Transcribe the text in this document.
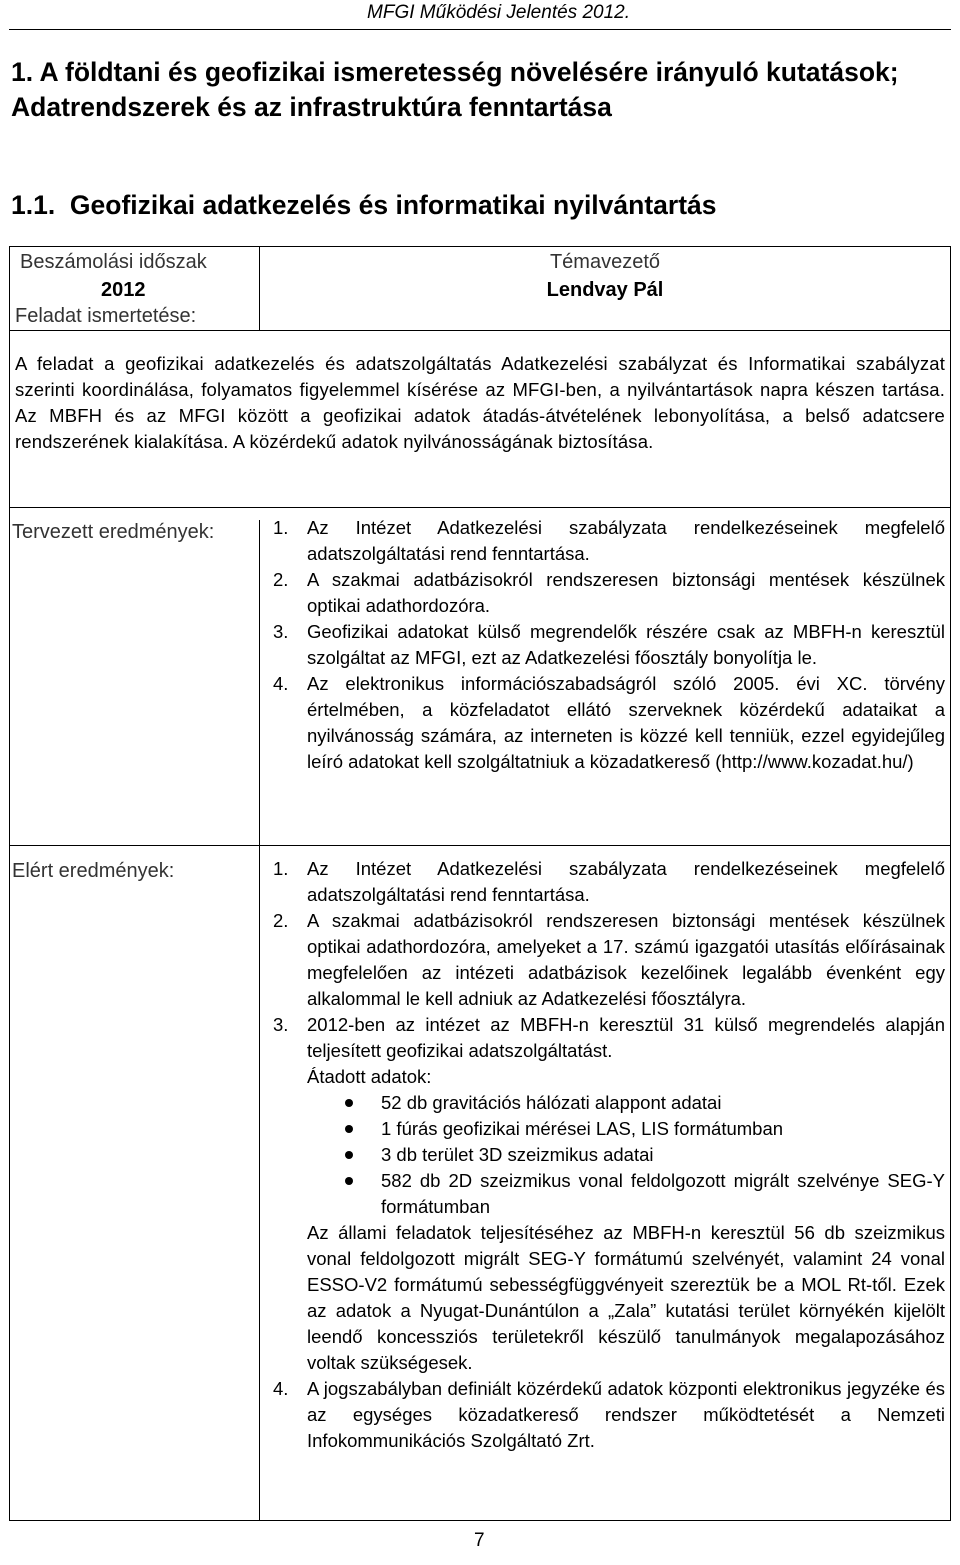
MFGI Működési Jelentés 2012.
1. A földtani és geofizikai ismeretesség növelésére irányuló kutatások; Adatrendszerek és az infrastruktúra fenntartása
1.1.  Geofizikai adatkezelés és informatikai nyilvántartás
Beszámolási időszak
2012
Feladat ismertetése:
Témavezető
Lendvay Pál
A feladat a geofizikai adatkezelés és adatszolgáltatás Adatkezelési szabályzat és Informatikai szabályzat szerinti koordinálása, folyamatos figyelemmel kísérése az MFGI-ben, a nyilvántartások napra készen tartása. Az MBFH és az MFGI között a geofizikai adatok átadás-átvételének lebonyolítása, a belső adatcsere rendszerének kialakítása. A közérdekű adatok nyilvánosságának biztosítása.
Tervezett eredmények:	1. Az Intézet Adatkezelési szabályzata rendelkezéseinek megfelelő adatszolgáltatási rend fenntartása.
2. A szakmai adatbázisokról rendszeresen biztonsági mentések készülnek optikai adathordozóra.
3. Geofizikai adatokat külső megrendelők részére csak az MBFH-n keresztül szolgáltat az MFGI, ezt az Adatkezelési főosztály bonyolítja le.
4. Az elektronikus információszabadságról szóló 2005. évi XC. törvény értelmében, a közfeladatot ellátó szerveknek közérdekű adataikat a nyilvánosság számára, az interneten is közzé kell tenniük, ezzel egyidejűleg leíró adatokat kell szolgáltatniuk a közadatkereső (http://www.kozadat.hu/)
Elért eredmények:	1. Az Intézet Adatkezelési szabályzata rendelkezéseinek megfelelő adatszolgáltatási rend fenntartása.
2. A szakmai adatbázisokról rendszeresen biztonsági mentések készülnek optikai adathordozóra, amelyeket a 17. számú igazgatói utasítás előírásainak megfelelően az intézeti adatbázisok kezelőinek legalább évenként egy alkalommal le kell adniuk az Adatkezelési főosztályra.
3. 2012-ben az intézet az MBFH-n keresztül 31 külső megrendelés alapján teljesített geofizikai adatszolgáltatást.
Átadott adatok:
52 db gravitációs hálózati alappont adatai
1 fúrás geofizikai mérései LAS, LIS formátumban
3 db terület 3D szeizmikus adatai
582 db 2D szeizmikus vonal feldolgozott migrált szelvénye SEG-Y formátumban
Az állami feladatok teljesítéséhez az MBFH-n keresztül 56 db szeizmikus vonal feldolgozott migrált SEG-Y formátumú szelvényét, valamint 24 vonal ESSO-V2 formátumú sebességfüggvényeit szereztük be a MOL Rt-től. Ezek az adatok a Nyugat-Dunántúlon a „Zala” kutatási terület környékén kijelölt leendő koncessziós területekről készülő tanulmányok megalapozásához voltak szükségesek.
4. A jogszabályban definiált közérdekű adatok központi elektronikus jegyzéke és az egységes közadatkereső rendszer működtetését a Nemzeti Infokommunikációs Szolgáltató Zrt.
7
